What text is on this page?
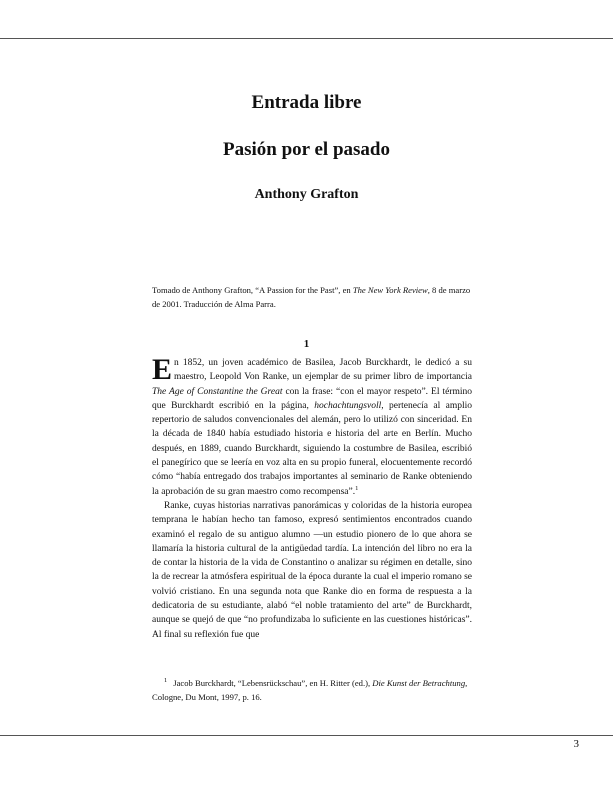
Entrada libre
Pasión por el pasado
Anthony Grafton

Tomado de Anthony Grafton, “A Passion for the Past”, en The New York Review, 8 de marzo de 2001. Traducción de Alma Parra.

1

En 1852, un joven académico de Basilea, Jacob Burckhardt, le dedicó a su maestro, Leopold Von Ranke, un ejemplar de su primer libro de importancia The Age of Constantine the Great con la frase: “con el mayor respeto”. El término que Burckhardt escribió en la página, hochachtungsvoll, pertenecía al amplio repertorio de saludos convencionales del alemán, pero lo utilizó con sinceridad. En la década de 1840 había estudiado historia e historia del arte en Berlín. Mucho después, en 1889, cuando Burckhardt, siguiendo la costumbre de Basilea, escribió el panegírico que se leería en voz alta en su propio funeral, elocuentemente recordó cómo “había entregado dos trabajos importantes al seminario de Ranke obteniendo la aprobación de su gran maestro como recompensa”.$^1$

Ranke, cuyas historias narrativas panorámicas y coloridas de la historia europea temprana le habían hecho tan famoso, expresó sentimientos encontrados cuando examinó el regalo de su antiguo alumno —un estudio pionero de lo que ahora se llamaría la historia cultural de la antigüedad tardía. La intención del libro no era la de contar la historia de la vida de Constantino o analizar su régimen en detalle, sino la de recrear la atmósfera espiritual de la época durante la cual el imperio romano se volvió cristiano. En una segunda nota que Ranke dio en forma de respuesta a la dedicatoria de su estudiante, alabó “el noble tratamiento del arte” de Burckhardt, aunque se quejó de que “no profundizaba lo suficiente en las cuestiones históricas”. Al final su reflexión fue que

$^1$ Jacob Burckhardt, “Lebensrückschau”, en H. Ritter (ed.), Die Kunst der Betrachtung, Cologne, Du Mont, 1997, p. 16.

3
